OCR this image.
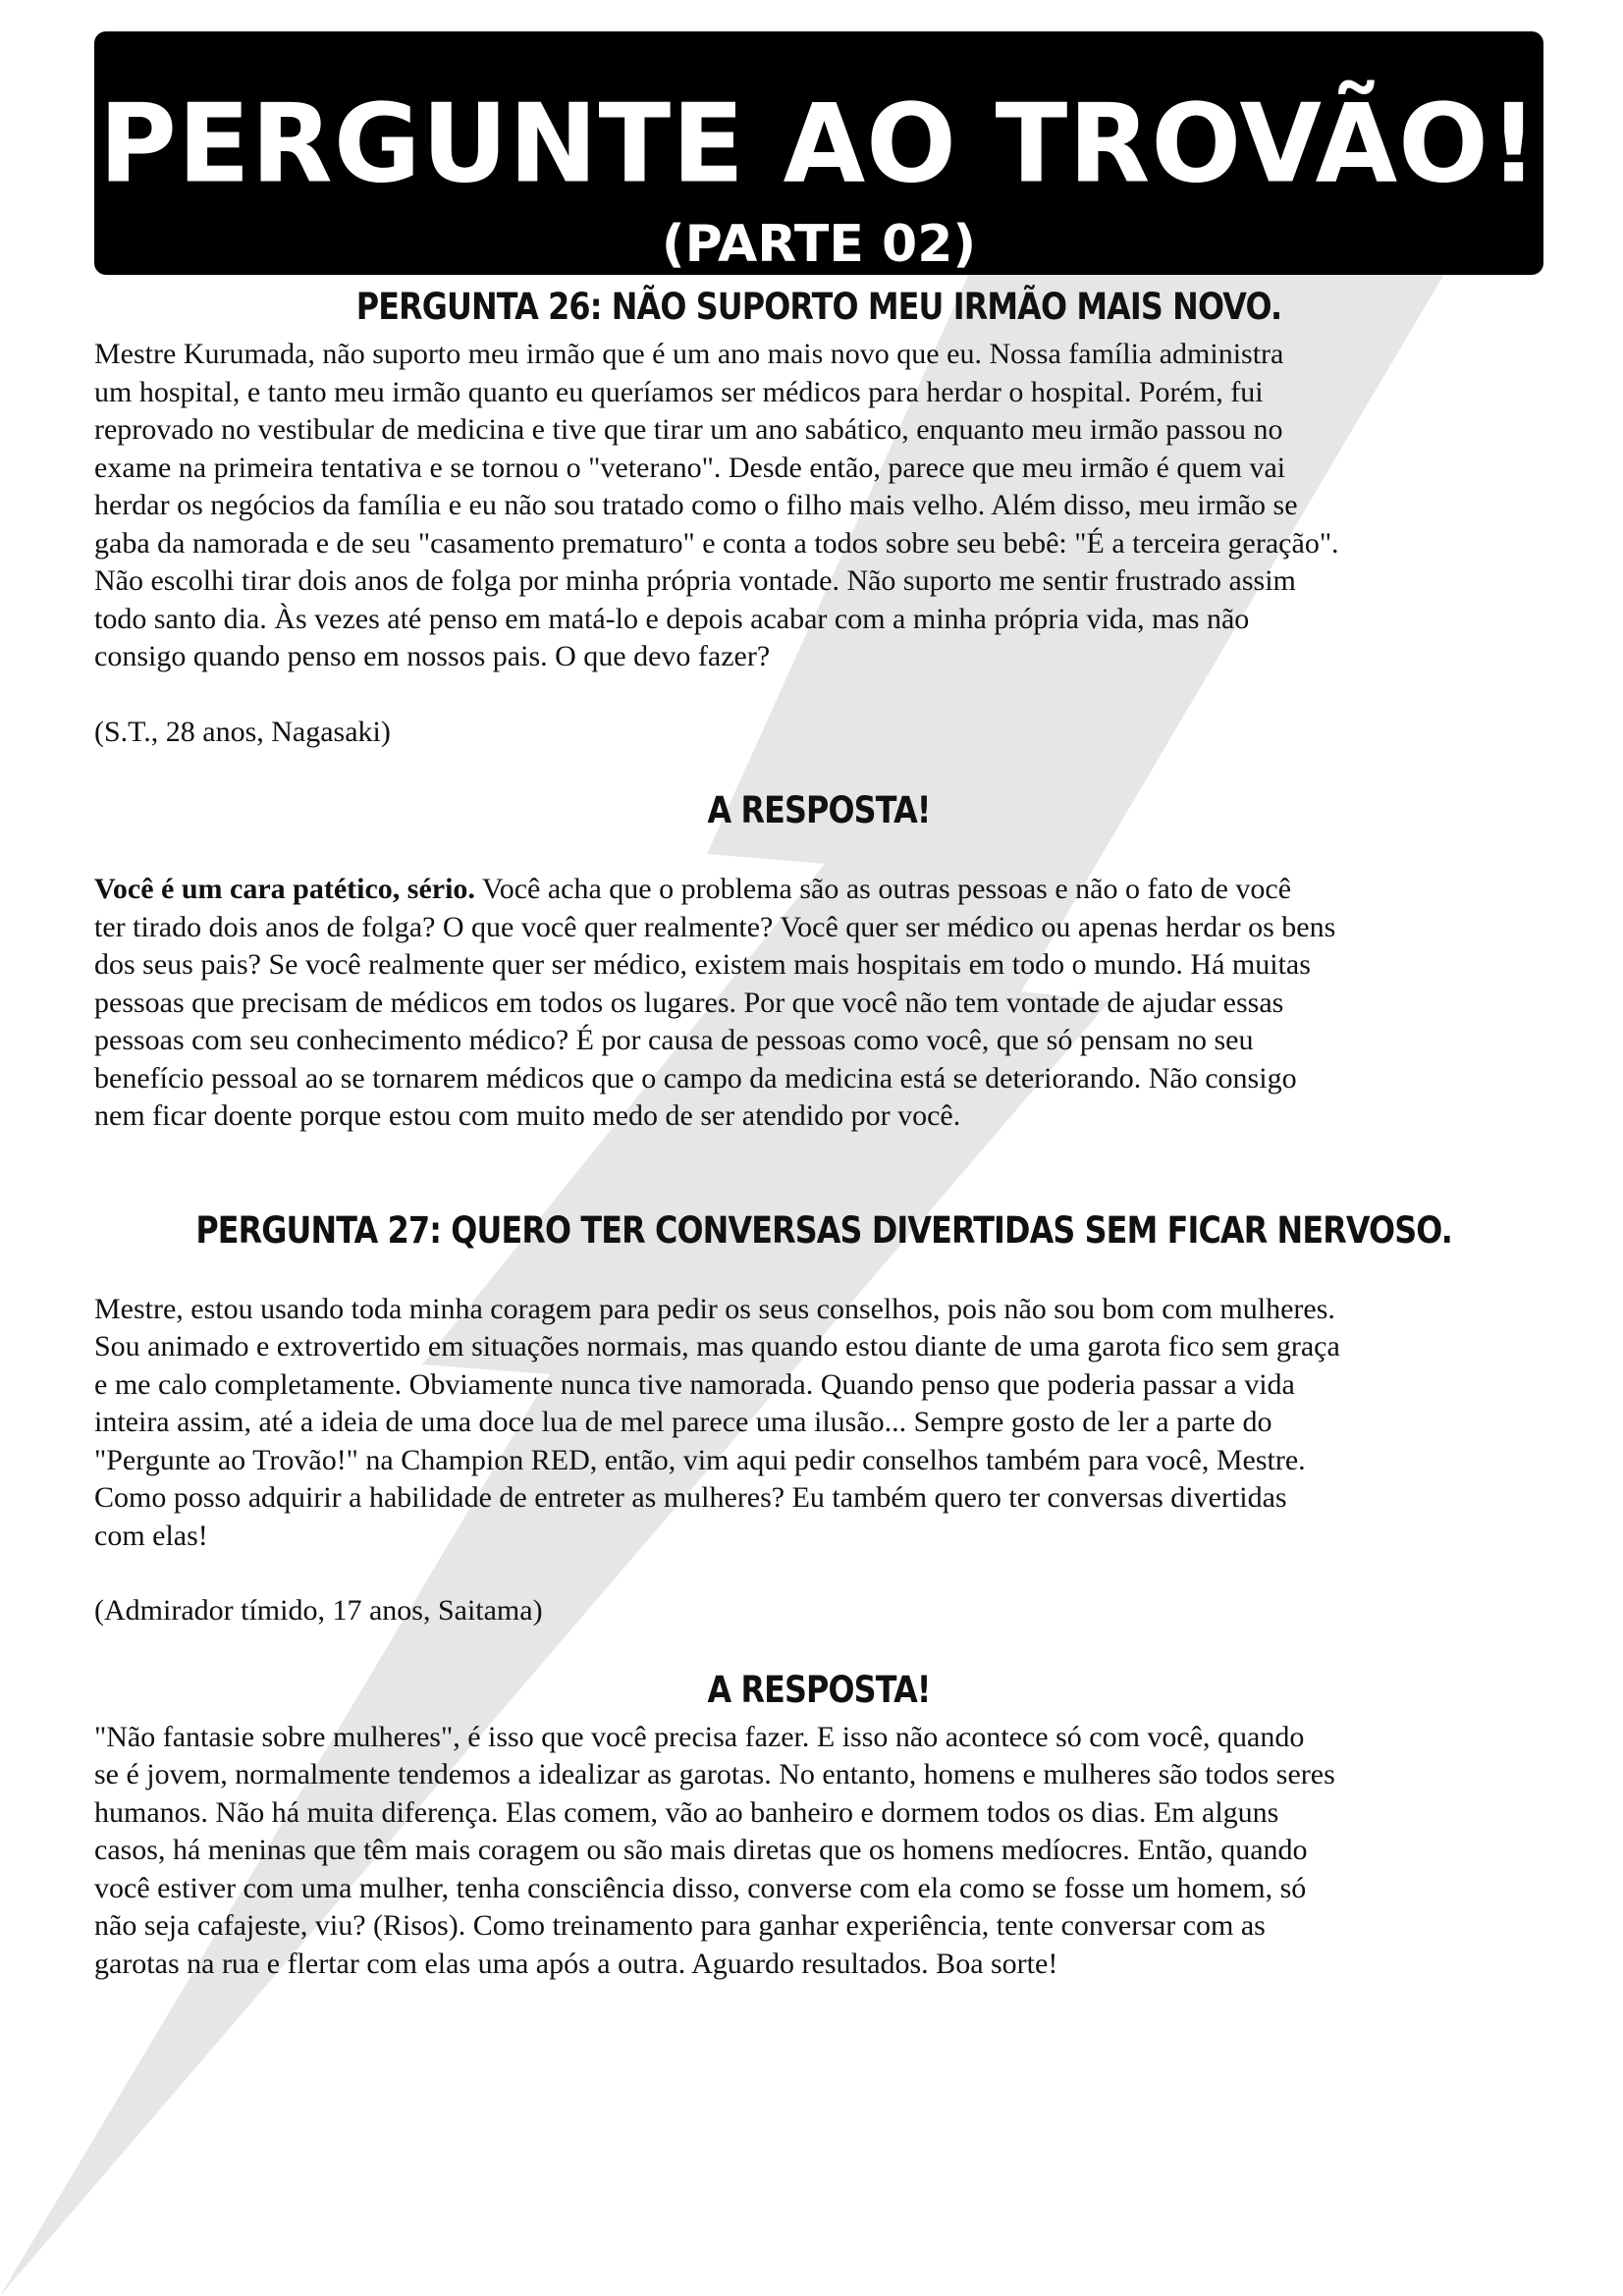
PERGUNTE AO TROVÃO!
(PARTE 02)
PERGUNTA 26: NÃO SUPORTO MEU IRMÃO MAIS NOVO.

Mestre Kurumada, não suporto meu irmão que é um ano mais novo que eu. Nossa família administra
um hospital, e tanto meu irmão quanto eu queríamos ser médicos para herdar o hospital. Porém, fui
reprovado no vestibular de medicina e tive que tirar um ano sabático, enquanto meu irmão passou no
exame na primeira tentativa e se tornou o "veterano". Desde então, parece que meu irmão é quem vai
herdar os negócios da família e eu não sou tratado como o filho mais velho. Além disso, meu irmão se
gaba da namorada e de seu "casamento prematuro" e conta a todos sobre seu bebê: "É a terceira geração".
Não escolhi tirar dois anos de folga por minha própria vontade. Não suporto me sentir frustrado assim
todo santo dia. Às vezes até penso em matá-lo e depois acabar com a minha própria vida, mas não
consigo quando penso em nossos pais. O que devo fazer?

(S.T., 28 anos, Nagasaki)

A RESPOSTA!

Você é um cara patético, sério. Você acha que o problema são as outras pessoas e não o fato de você
ter tirado dois anos de folga? O que você quer realmente? Você quer ser médico ou apenas herdar os bens
dos seus pais? Se você realmente quer ser médico, existem mais hospitais em todo o mundo. Há muitas
pessoas que precisam de médicos em todos os lugares. Por que você não tem vontade de ajudar essas
pessoas com seu conhecimento médico? É por causa de pessoas como você, que só pensam no seu
benefício pessoal ao se tornarem médicos que o campo da medicina está se deteriorando. Não consigo
nem ficar doente porque estou com muito medo de ser atendido por você.

PERGUNTA 27: QUERO TER CONVERSAS DIVERTIDAS SEM FICAR NERVOSO.

Mestre, estou usando toda minha coragem para pedir os seus conselhos, pois não sou bom com mulheres.
Sou animado e extrovertido em situações normais, mas quando estou diante de uma garota fico sem graça
e me calo completamente. Obviamente nunca tive namorada. Quando penso que poderia passar a vida
inteira assim, até a ideia de uma doce lua de mel parece uma ilusão... Sempre gosto de ler a parte do
"Pergunte ao Trovão!" na Champion RED, então, vim aqui pedir conselhos também para você, Mestre.
Como posso adquirir a habilidade de entreter as mulheres? Eu também quero ter conversas divertidas
com elas!

(Admirador tímido, 17 anos, Saitama)

A RESPOSTA!

"Não fantasie sobre mulheres", é isso que você precisa fazer. E isso não acontece só com você, quando
se é jovem, normalmente tendemos a idealizar as garotas. No entanto, homens e mulheres são todos seres
humanos. Não há muita diferença. Elas comem, vão ao banheiro e dormem todos os dias. Em alguns
casos, há meninas que têm mais coragem ou são mais diretas que os homens medíocres. Então, quando
você estiver com uma mulher, tenha consciência disso, converse com ela como se fosse um homem, só
não seja cafajeste, viu? (Risos). Como treinamento para ganhar experiência, tente conversar com as
garotas na rua e flertar com elas uma após a outra. Aguardo resultados. Boa sorte!
